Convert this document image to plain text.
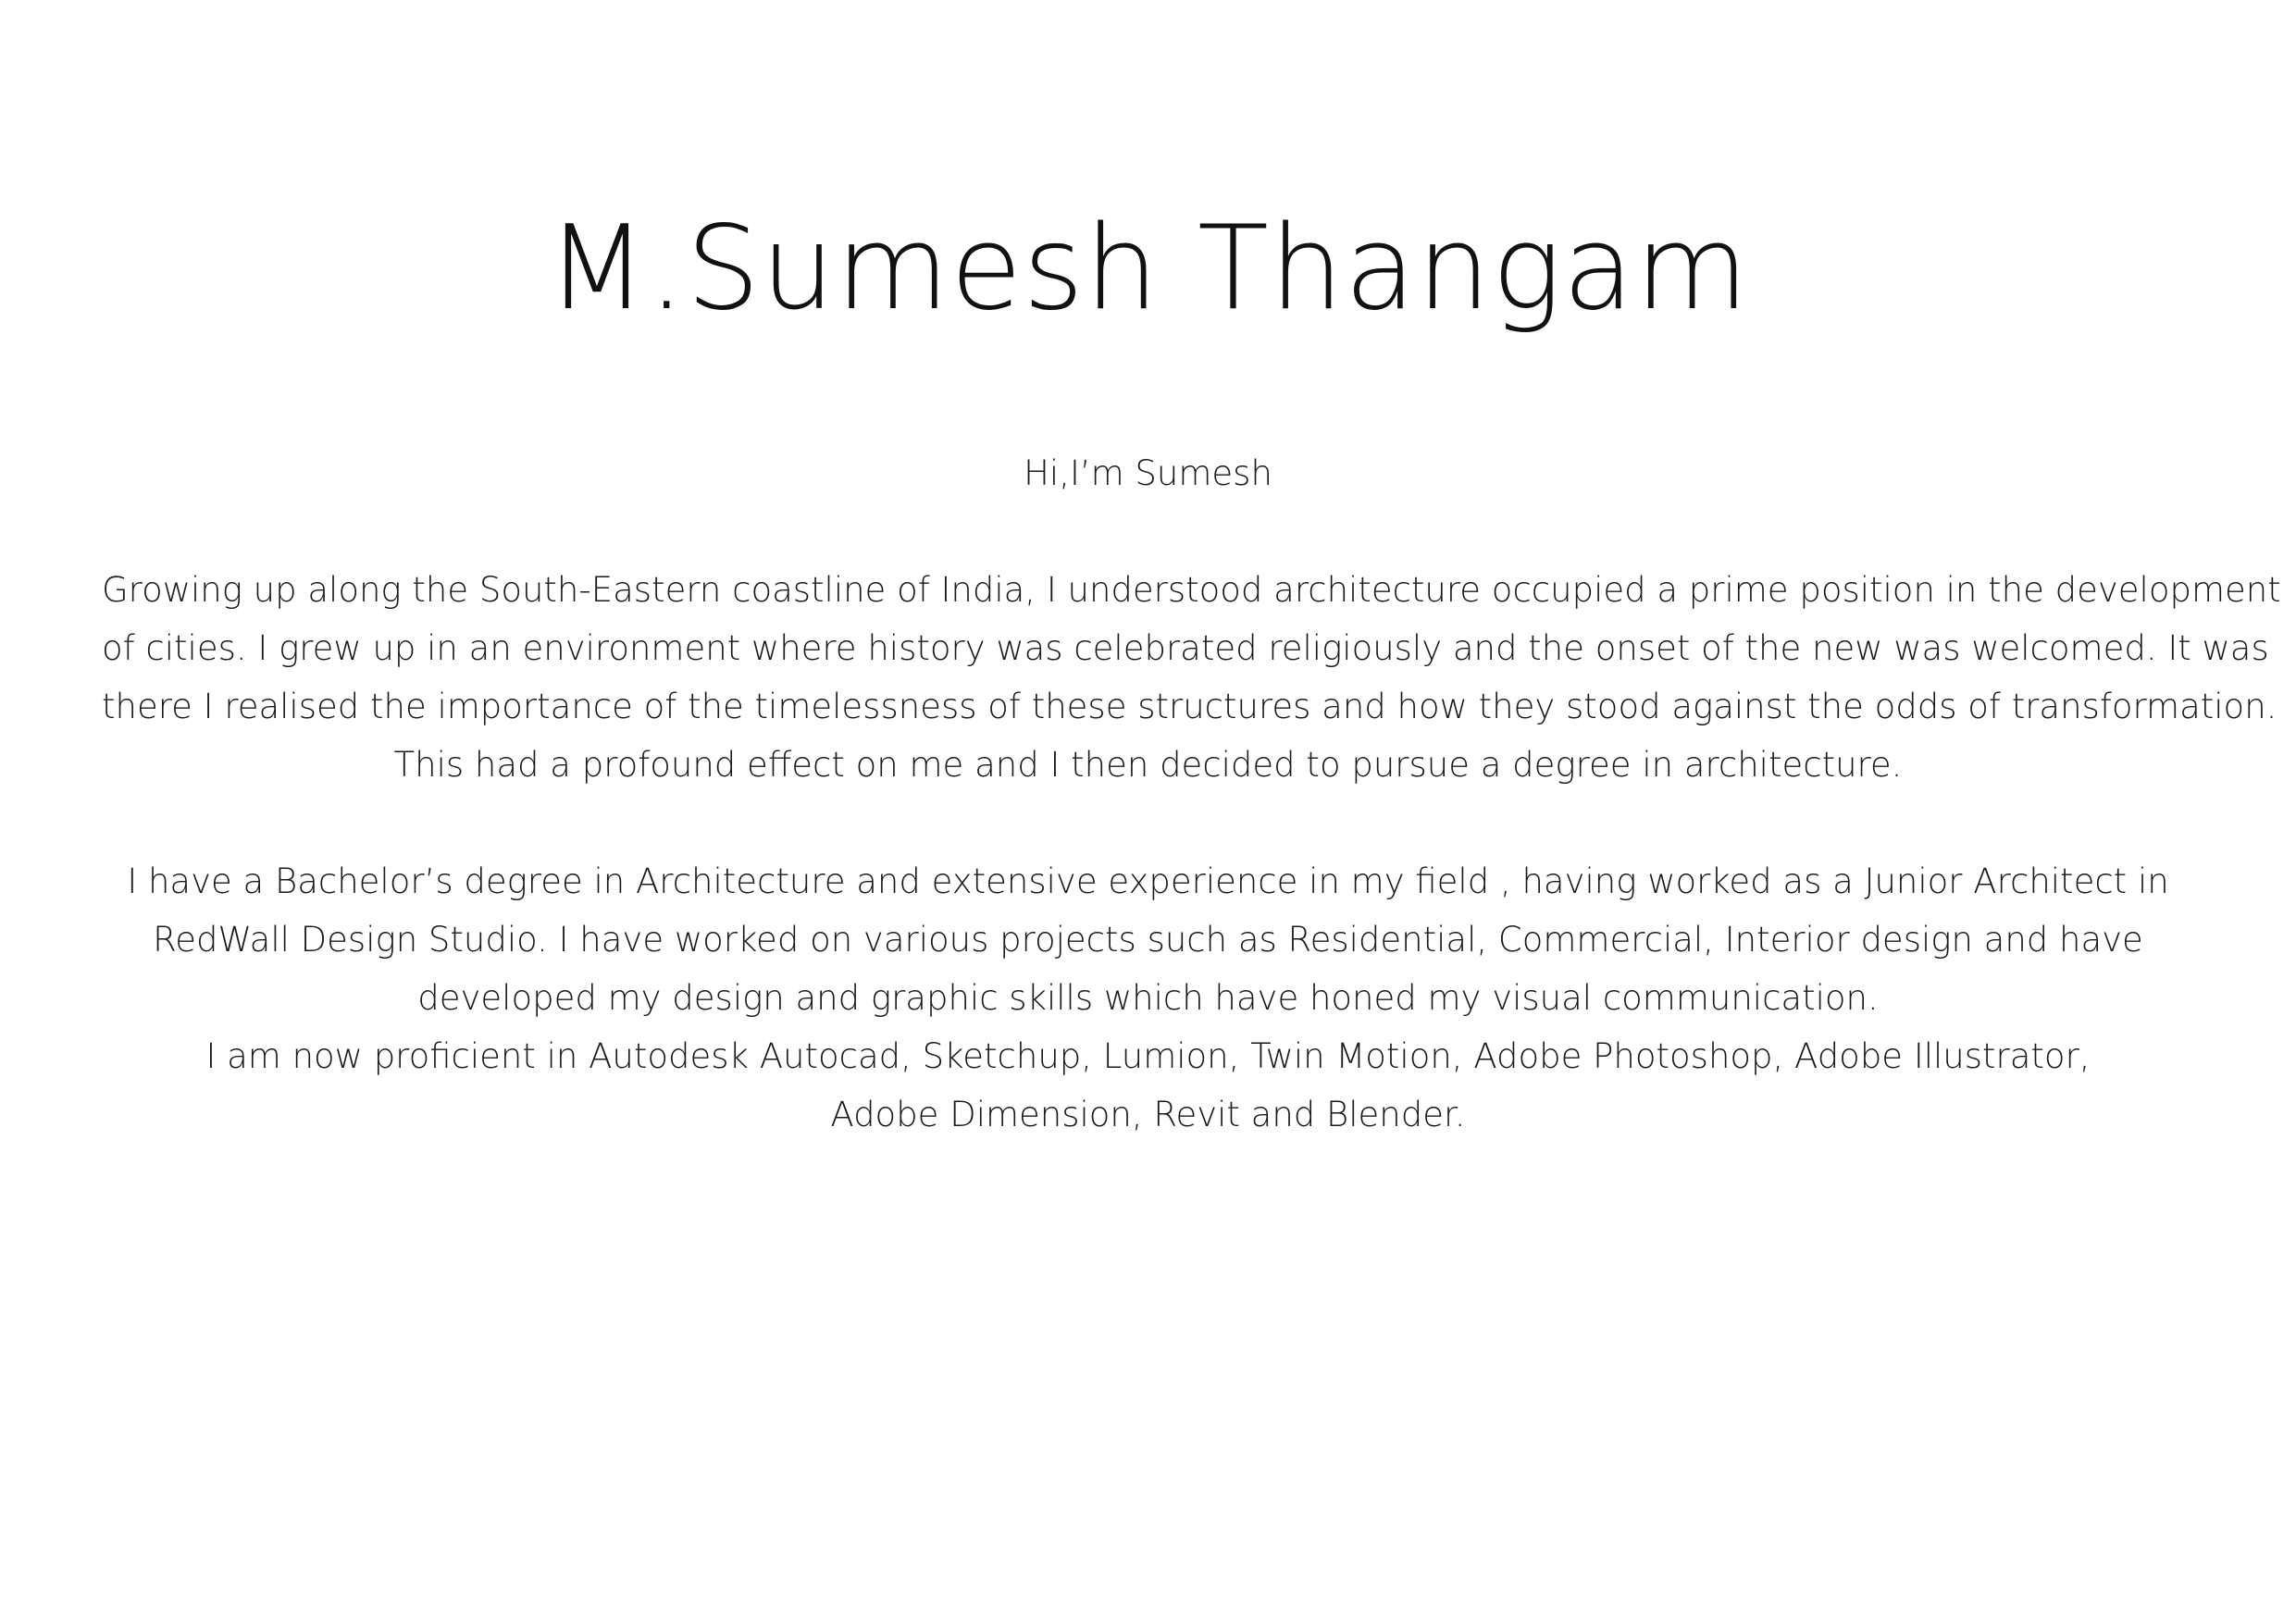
M.Sumesh Thangam
Hi,I’m Sumesh
Growing up along the South-Eastern coastline of India, I understood architecture occupied a prime position in the development
of cities. I grew up in an environment where history was celebrated religiously and the onset of the new was welcomed. It was
there I realised the importance of the timelessness of these structures and how they stood against the odds of transformation.
This had a profound effect on me and I then decided to pursue a degree in architecture.
I have a Bachelor’s degree in Architecture and extensive experience in my field , having worked as a Junior Architect in
RedWall Design Studio. I have worked on various projects such as Residential, Commercial, Interior design and have
developed my design and graphic skills which have honed my visual communication.
I am now proficient in Autodesk Autocad, Sketchup, Lumion, Twin Motion, Adobe Photoshop, Adobe Illustrator,
Adobe Dimension, Revit and Blender.
